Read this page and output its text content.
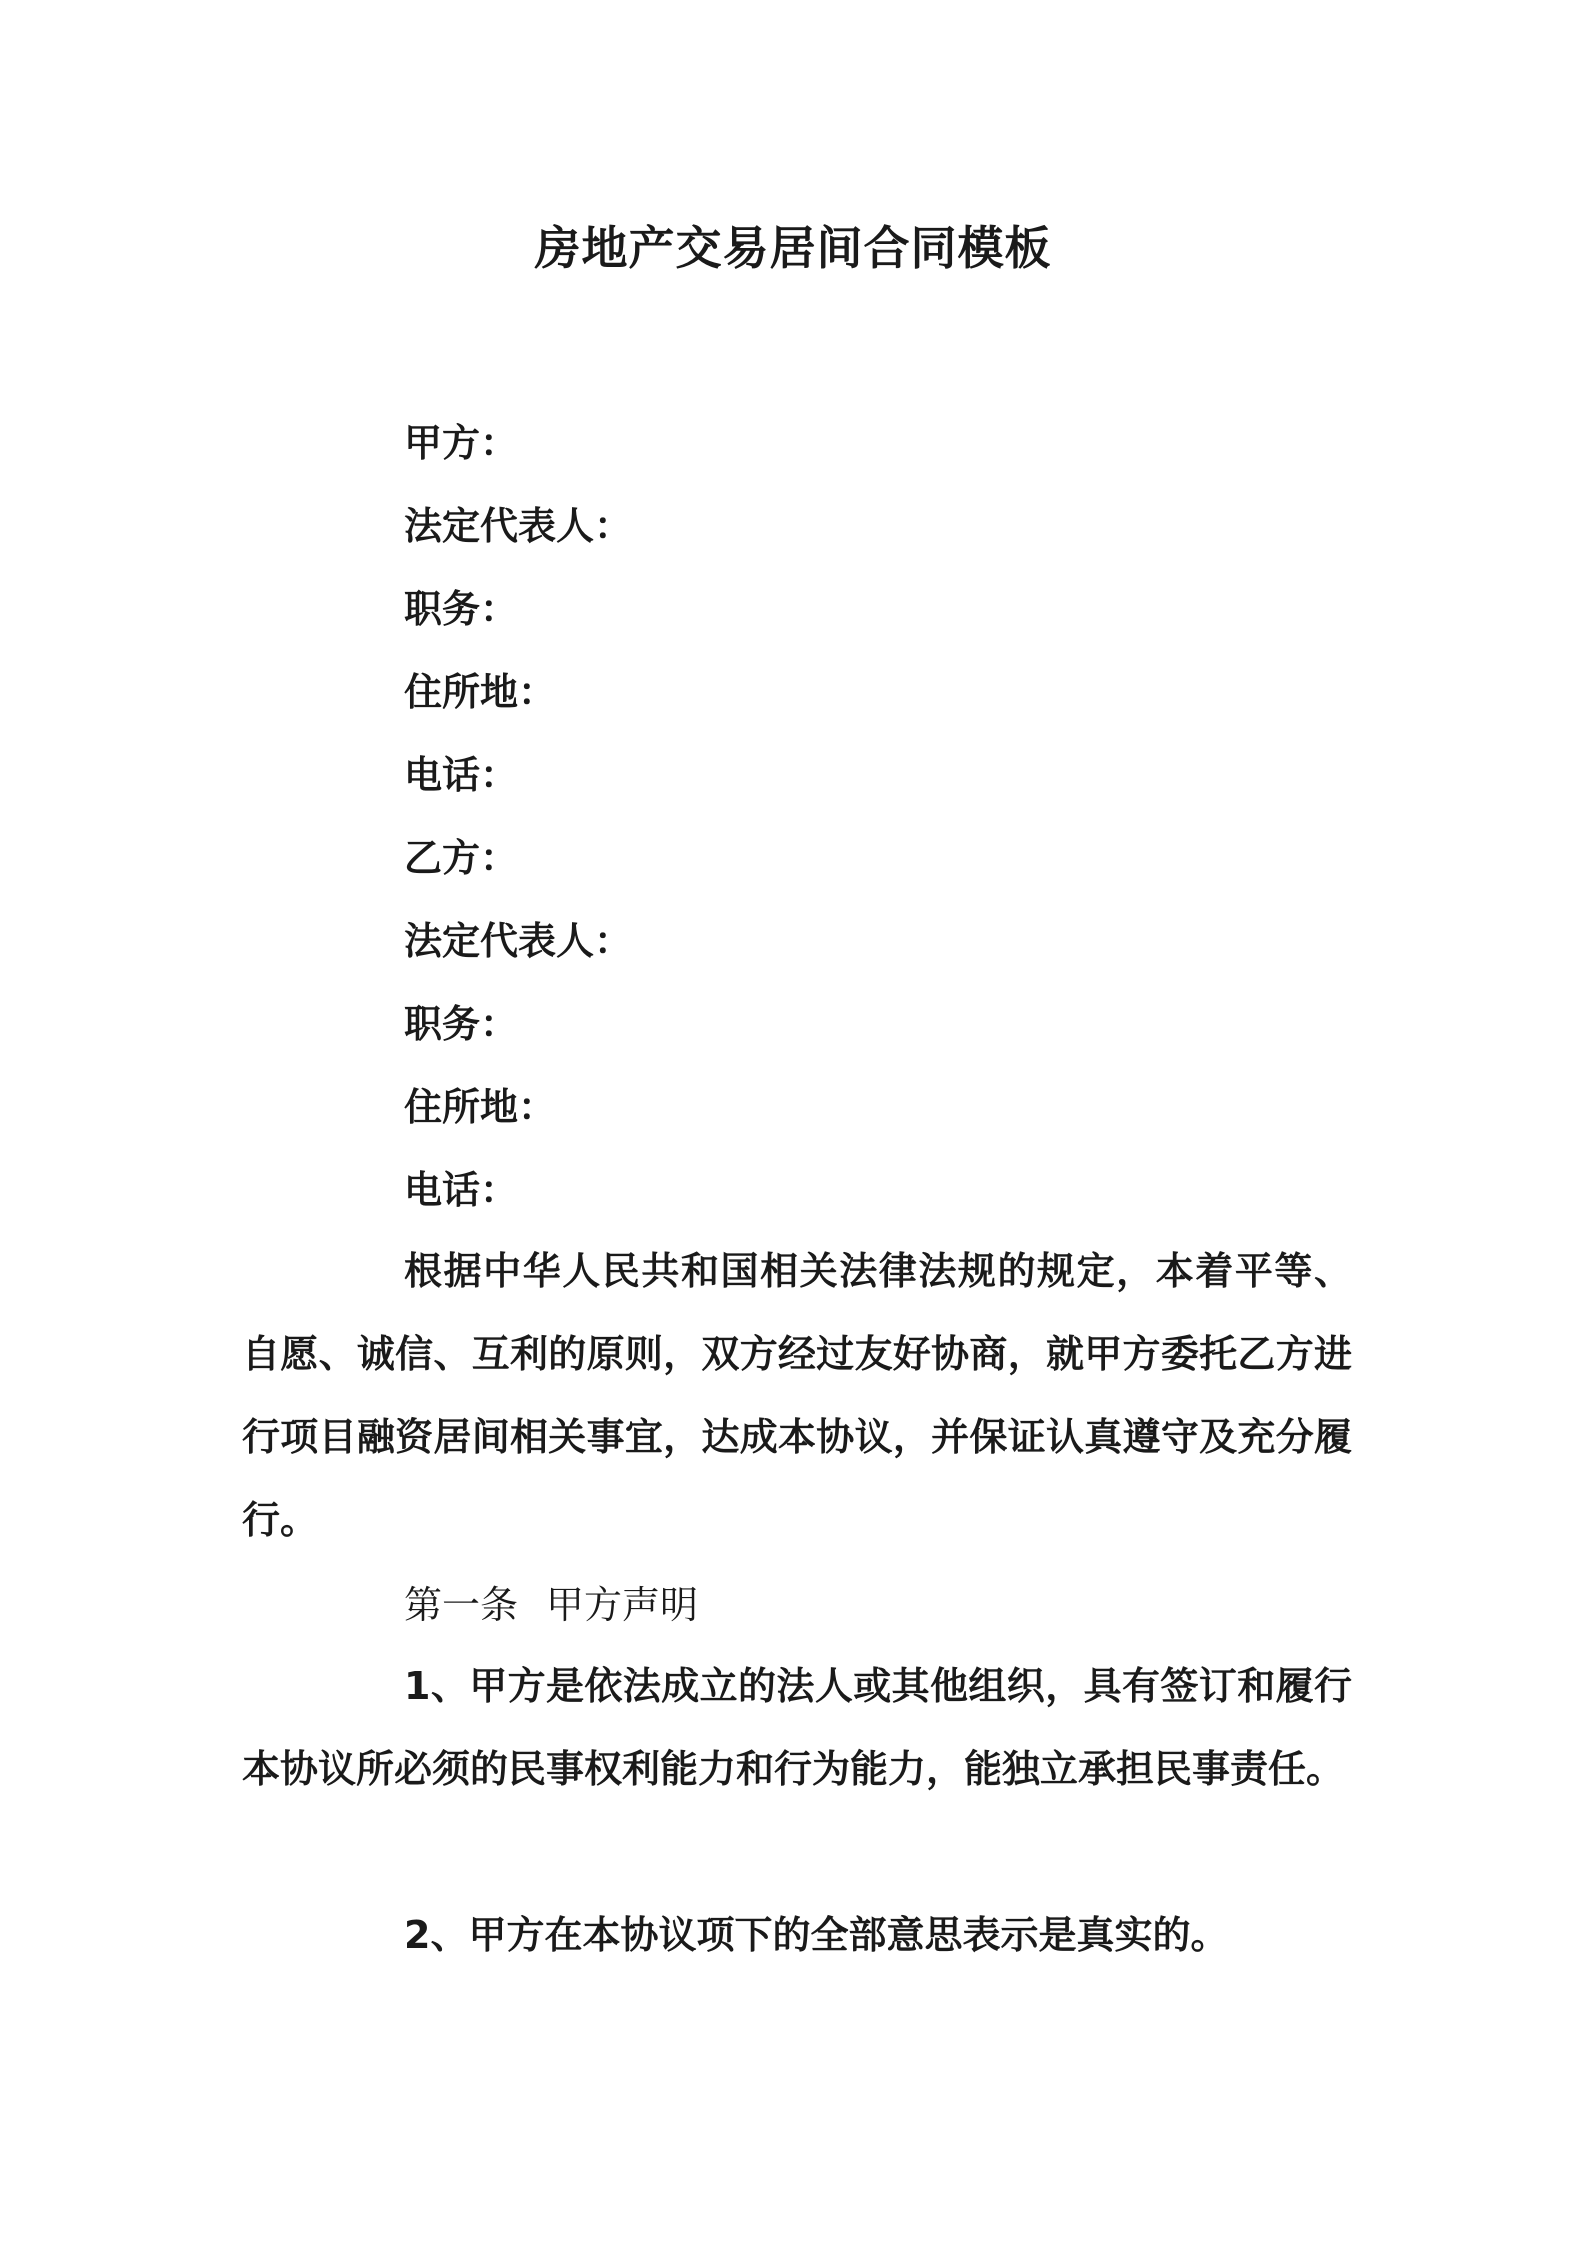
房地产交易居间合同模板

甲方：

法定代表人：

职务：

住所地：

电话：

乙方：

法定代表人：

职务：

住所地：

电话：

根据中华人民共和国相关法律法规的规定，本着平等、自愿、诚信、互利的原则，双方经过友好协商，就甲方委托乙方进行项目融资居间相关事宜，达成本协议，并保证认真遵守及充分履行。

第一条 甲方声明

1、甲方是依法成立的法人或其他组织，具有签订和履行本协议所必须的民事权利能力和行为能力，能独立承担民事责任。

2、甲方在本协议项下的全部意思表示是真实的。
